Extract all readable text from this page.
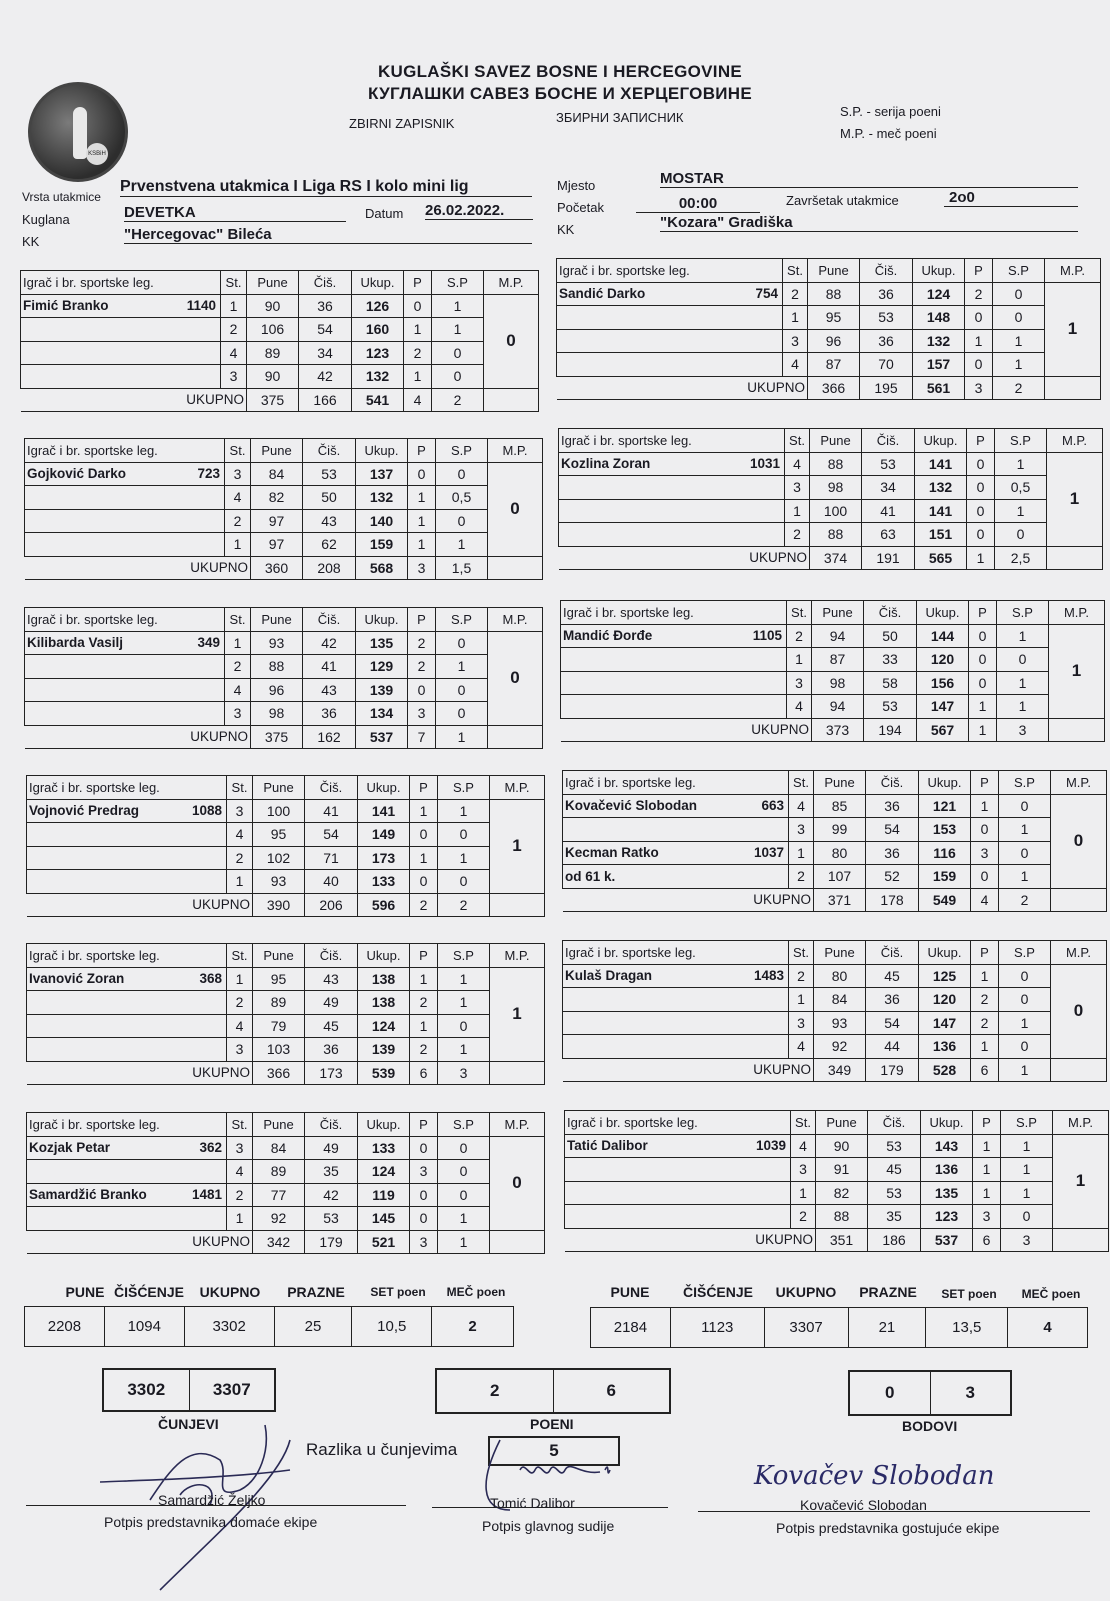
KSBiH
KUGLAŠKI SAVEZ BOSNE I HERCEGOVINE
КУГЛАШКИ САВЕЗ БОСНЕ И ХЕРЦЕГОВИНЕ
ZBIRNI ZAPISNIK	ЗБИРНИ ЗАПИСНИК	S.P. - serija poeni
M.P. - meč poeni
Vrsta utakmice
Prvenstvena utakmica I Liga RS I kolo mini lig
Kuglana	DEVETKA	Datum 26.02.2022.
KK	"Hercegovac" Bileća
Mjesto	MOSTAR
Početak	00:00	Završetak utakmice	2o0
KK	"Kozara" Gradiška
Igrač i br. sportske leg.	St.	Pune	Čiš.	Ukup.	P	S.P	M.P.

Fimić Branko 1140	1	90	36	126	0	1	0
	2	106	54	160	1	1	
	4	89	34	123	2	0	
	3	90	42	132	1	0	
UKUPNO		375	166	541	4	2	
Igrač i br. sportske leg.	St.	Pune	Čiš.	Ukup.	P	S.P	M.P.

Sandić Darko 754	2	88	36	124	2	0	1
	1	95	53	148	0	0	
	3	96	36	132	1	1	
	4	87	70	157	0	1	
UKUPNO		366	195	561	3	2	
Igrač i br. sportske leg.	St.	Pune	Čiš.	Ukup.	P	S.P	M.P.

Gojković Darko 723	3	84	53	137	0	0	0
	4	82	50	132	1	0,5	
	2	97	43	140	1	0	
	1	97	62	159	1	1	
UKUPNO		360	208	568	3	1,5	
Igrač i br. sportske leg.	St.	Pune	Čiš.	Ukup.	P	S.P	M.P.

Kozlina Zoran 1031	4	88	53	141	0	1	1
	3	98	34	132	0	0,5	
	1	100	41	141	0	1	
	2	88	63	151	0	0	
UKUPNO		374	191	565	1	2,5	
Igrač i br. sportske leg.	St.	Pune	Čiš.	Ukup.	P	S.P	M.P.

Kilibarda Vasilj 349	1	93	42	135	2	0	0
	2	88	41	129	2	1	
	4	96	43	139	0	0	
	3	98	36	134	3	0	
UKUPNO		375	162	537	7	1	
Igrač i br. sportske leg.	St.	Pune	Čiš.	Ukup.	P	S.P	M.P.

Mandić Đorđe 1105	2	94	50	144	0	1	1
	1	87	33	120	0	0	
	3	98	58	156	0	1	
	4	94	53	147	1	1	
UKUPNO		373	194	567	1	3	
Igrač i br. sportske leg.	St.	Pune	Čiš.	Ukup.	P	S.P	M.P.

Vojnović Predrag 1088	3	100	41	141	1	1	1
	4	95	54	149	0	0	
	2	102	71	173	1	1	
	1	93	40	133	0	0	
UKUPNO		390	206	596	2	2	
Igrač i br. sportske leg.	St.	Pune	Čiš.	Ukup.	P	S.P	M.P.

Kovačević Slobodan 663	4	85	36	121	1	0	0
	3	99	54	153	0	1	

Kecman Ratko 1037	1	80	36	116	3	0	

od 61 k.	2	107	52	159	0	1	
UKUPNO		371	178	549	4	2	
Igrač i br. sportske leg.	St.	Pune	Čiš.	Ukup.	P	S.P	M.P.

Ivanović Zoran 368	1	95	43	138	1	1	1
	2	89	49	138	2	1	
	4	79	45	124	1	0	
	3	103	36	139	2	1	
UKUPNO		366	173	539	6	3	
Igrač i br. sportske leg.	St.	Pune	Čiš.	Ukup.	P	S.P	M.P.

Kulaš Dragan 1483	2	80	45	125	1	0	0
	1	84	36	120	2	0	
	3	93	54	147	2	1	
	4	92	44	136	1	0	
UKUPNO		349	179	528	6	1	
Igrač i br. sportske leg.	St.	Pune	Čiš.	Ukup.	P	S.P	M.P.

Kozjak Petar 362	3	84	49	133	0	0	0
	4	89	35	124	3	0	

Samardžić Branko 1481	2	77	42	119	0	0	
	1	92	53	145	0	1	
UKUPNO		342	179	521	3	1	
Igrač i br. sportske leg.	St.	Pune	Čiš.	Ukup.	P	S.P	M.P.

Tatić Dalibor 1039	4	90	53	143	1	1	1
	3	91	45	136	1	1	
	1	82	53	135	1	1	
	2	88	35	123	3	0	
UKUPNO		351	186	537	6	3	
PUNE ČIŠĆENJE	UKUPNO	PRAZNE	SET poen	MEČ poen
2208	1094	3302	25	10,5	2
PUNE	ČIŠĆENJE	UKUPNO	PRAZNE	SET poen	MEČ poen
2184	1123	3307	21	13,5	4
3302	3307
ČUNJEVI
2	6
POENI
0	3
BODOVI
Razlika u čunjevima	5
Kovačev Slobodan
Samardžić Željko
Potpis predstavnika domaće ekipe
Tomić Dalibor
Potpis glavnog sudije
Kovačević Slobodan
Potpis predstavnika gostujuće ekipe
